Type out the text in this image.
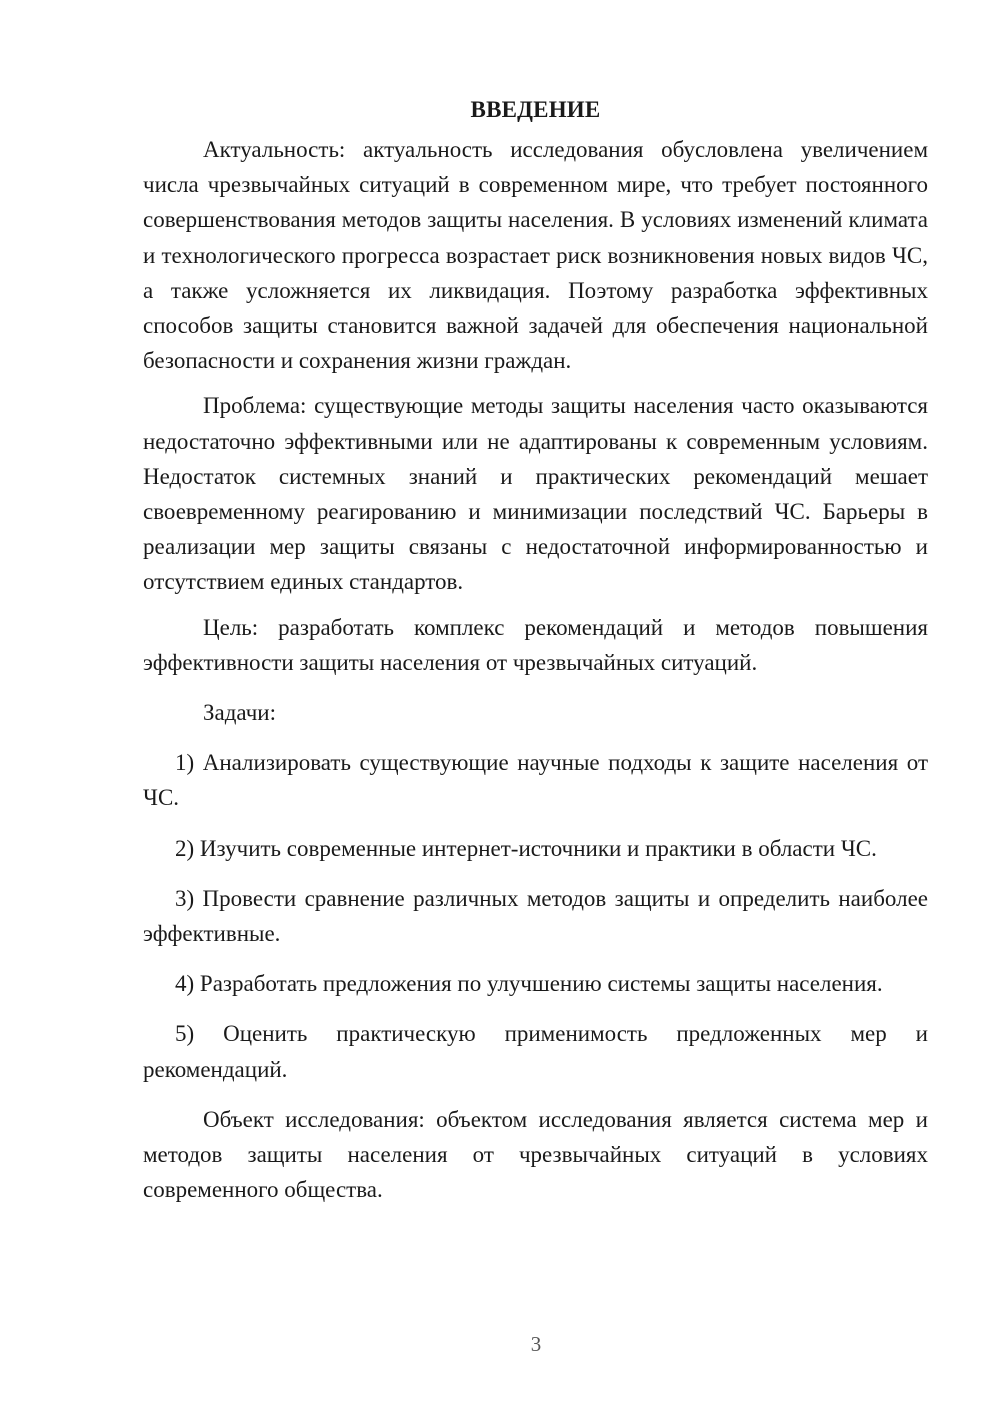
ВВЕДЕНИЕ

Актуальность: актуальность исследования обусловлена увеличением числа чрезвычайных ситуаций в современном мире, что требует постоянного совершенствования методов защиты населения. В условиях изменений климата и технологического прогресса возрастает риск возникновения новых видов ЧС, а также усложняется их ликвидация. Поэтому разработка эффективных способов защиты становится важной задачей для обеспечения национальной безопасности и сохранения жизни граждан.

Проблема: существующие методы защиты населения часто оказываются недостаточно эффективными или не адаптированы к современным условиям. Недостаток системных знаний и практических рекомендаций мешает своевременному реагированию и минимизации последствий ЧС. Барьеры в реализации мер защиты связаны с недостаточной информированностью и отсутствием единых стандартов.

Цель: разработать комплекс рекомендаций и методов повышения эффективности защиты населения от чрезвычайных ситуаций.

Задачи:

1) Анализировать существующие научные подходы к защите населения от ЧС.

2) Изучить современные интернет-источники и практики в области ЧС.

3) Провести сравнение различных методов защиты и определить наиболее эффективные.

4) Разработать предложения по улучшению системы защиты населения.

5) Оценить практическую применимость предложенных мер и рекомендаций.

Объект исследования: объектом исследования является система мер и методов защиты населения от чрезвычайных ситуаций в условиях современного общества.

3
